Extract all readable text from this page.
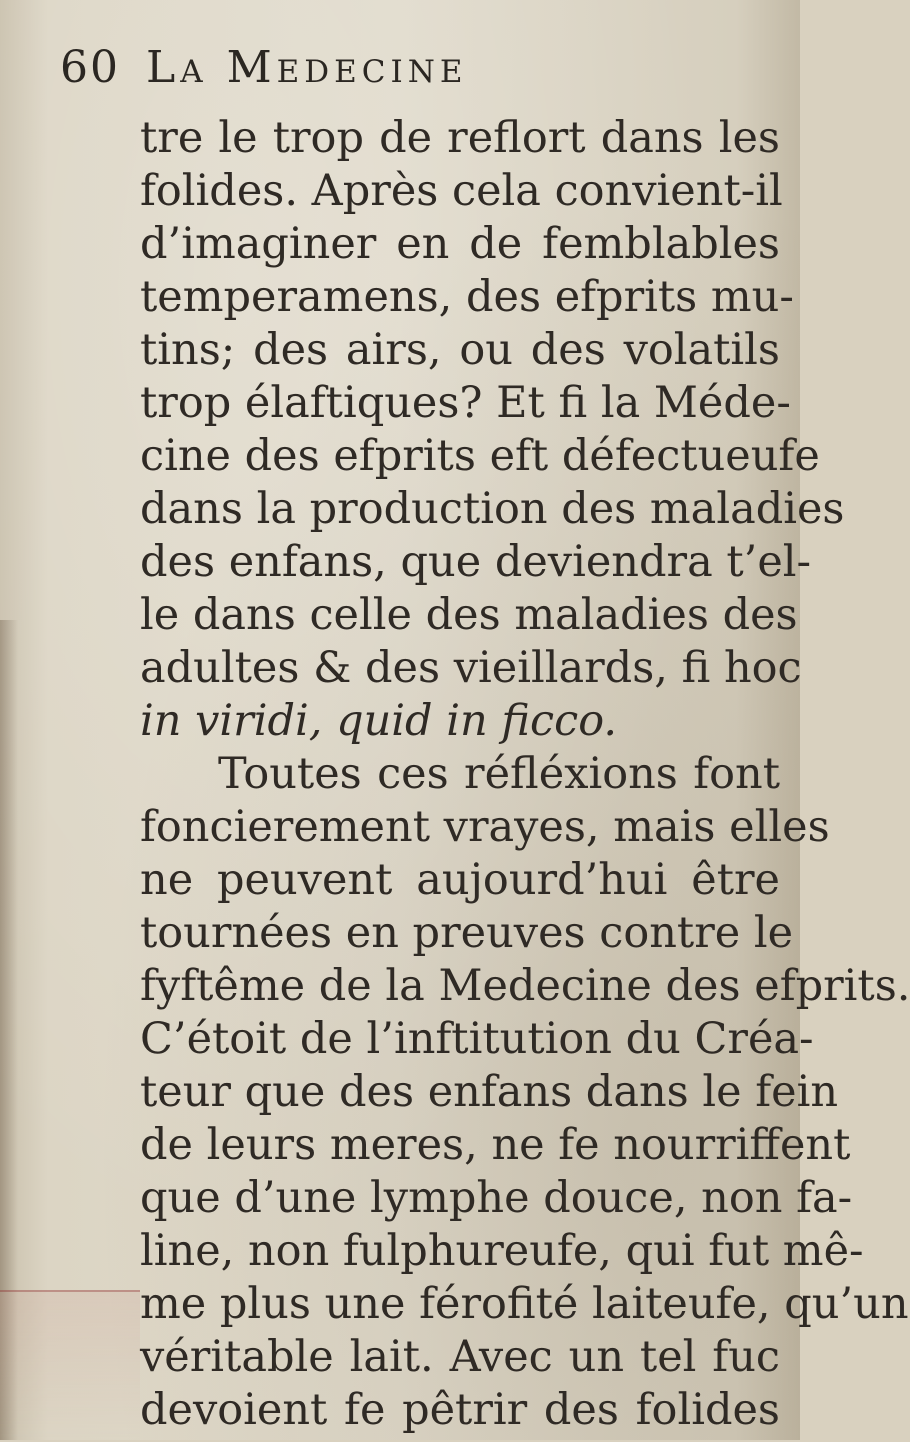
60 La Medecine
tre le trop de reflort dans les
folides. Après cela convient-il
d’imaginer en de femblables
temperamens, des efprits mu-
tins; des airs, ou des volatils
trop élaftiques? Et fi la Méde-
cine des efprits eft défectueufe
dans la production des maladies
des enfans, que deviendra t’el-
le dans celle des maladies des
adultes & des vieillards, fi hoc
in viridi, quid in ficco.
Toutes ces réfléxions font
foncierement vrayes, mais elles
ne peuvent aujourd’hui être
tournées en preuves contre le
fyftême de la Medecine des efprits.
C’étoit de l’inftitution du Créa-
teur que des enfans dans le fein
de leurs meres, ne fe nourriffent
que d’une lymphe douce, non fa-
line, non fulphureufe, qui fut mê-
me plus une férofité laiteufe, qu’un
véritable lait. Avec un tel fuc
devoient fe pêtrir des folides
